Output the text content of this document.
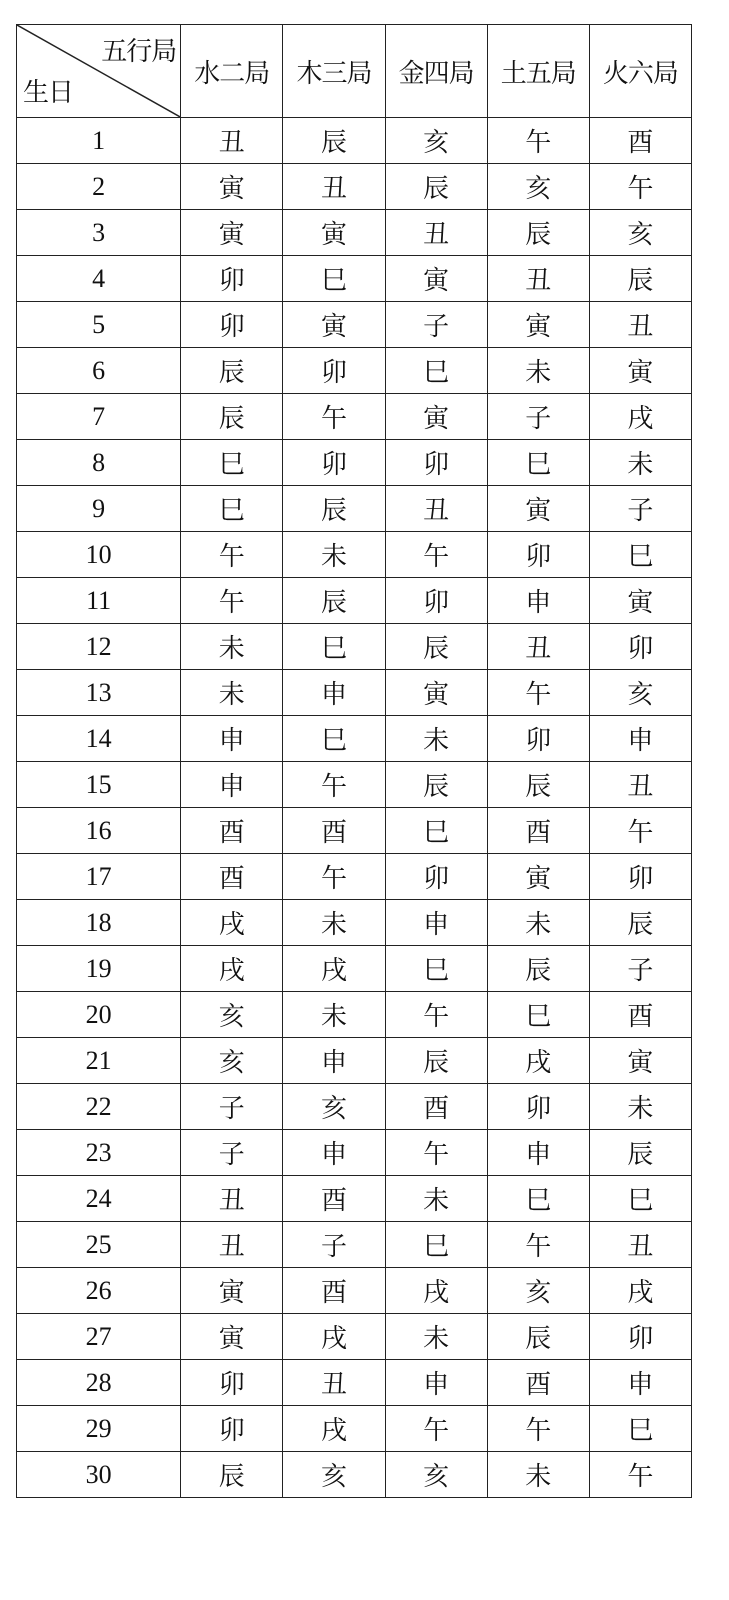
五行局
生日	水二局	木三局	金四局	土五局	火六局
1	丑	辰	亥	午	酉
2	寅	丑	辰	亥	午
3	寅	寅	丑	辰	亥
4	卯	巳	寅	丑	辰
5	卯	寅	子	寅	丑
6	辰	卯	巳	未	寅
7	辰	午	寅	子	戌
8	巳	卯	卯	巳	未
9	巳	辰	丑	寅	子
10	午	未	午	卯	巳
11	午	辰	卯	申	寅
12	未	巳	辰	丑	卯
13	未	申	寅	午	亥
14	申	巳	未	卯	申
15	申	午	辰	辰	丑
16	酉	酉	巳	酉	午
17	酉	午	卯	寅	卯
18	戌	未	申	未	辰
19	戌	戌	巳	辰	子
20	亥	未	午	巳	酉
21	亥	申	辰	戌	寅
22	子	亥	酉	卯	未
23	子	申	午	申	辰
24	丑	酉	未	巳	巳
25	丑	子	巳	午	丑
26	寅	酉	戌	亥	戌
27	寅	戌	未	辰	卯
28	卯	丑	申	酉	申
29	卯	戌	午	午	巳
30	辰	亥	亥	未	午
